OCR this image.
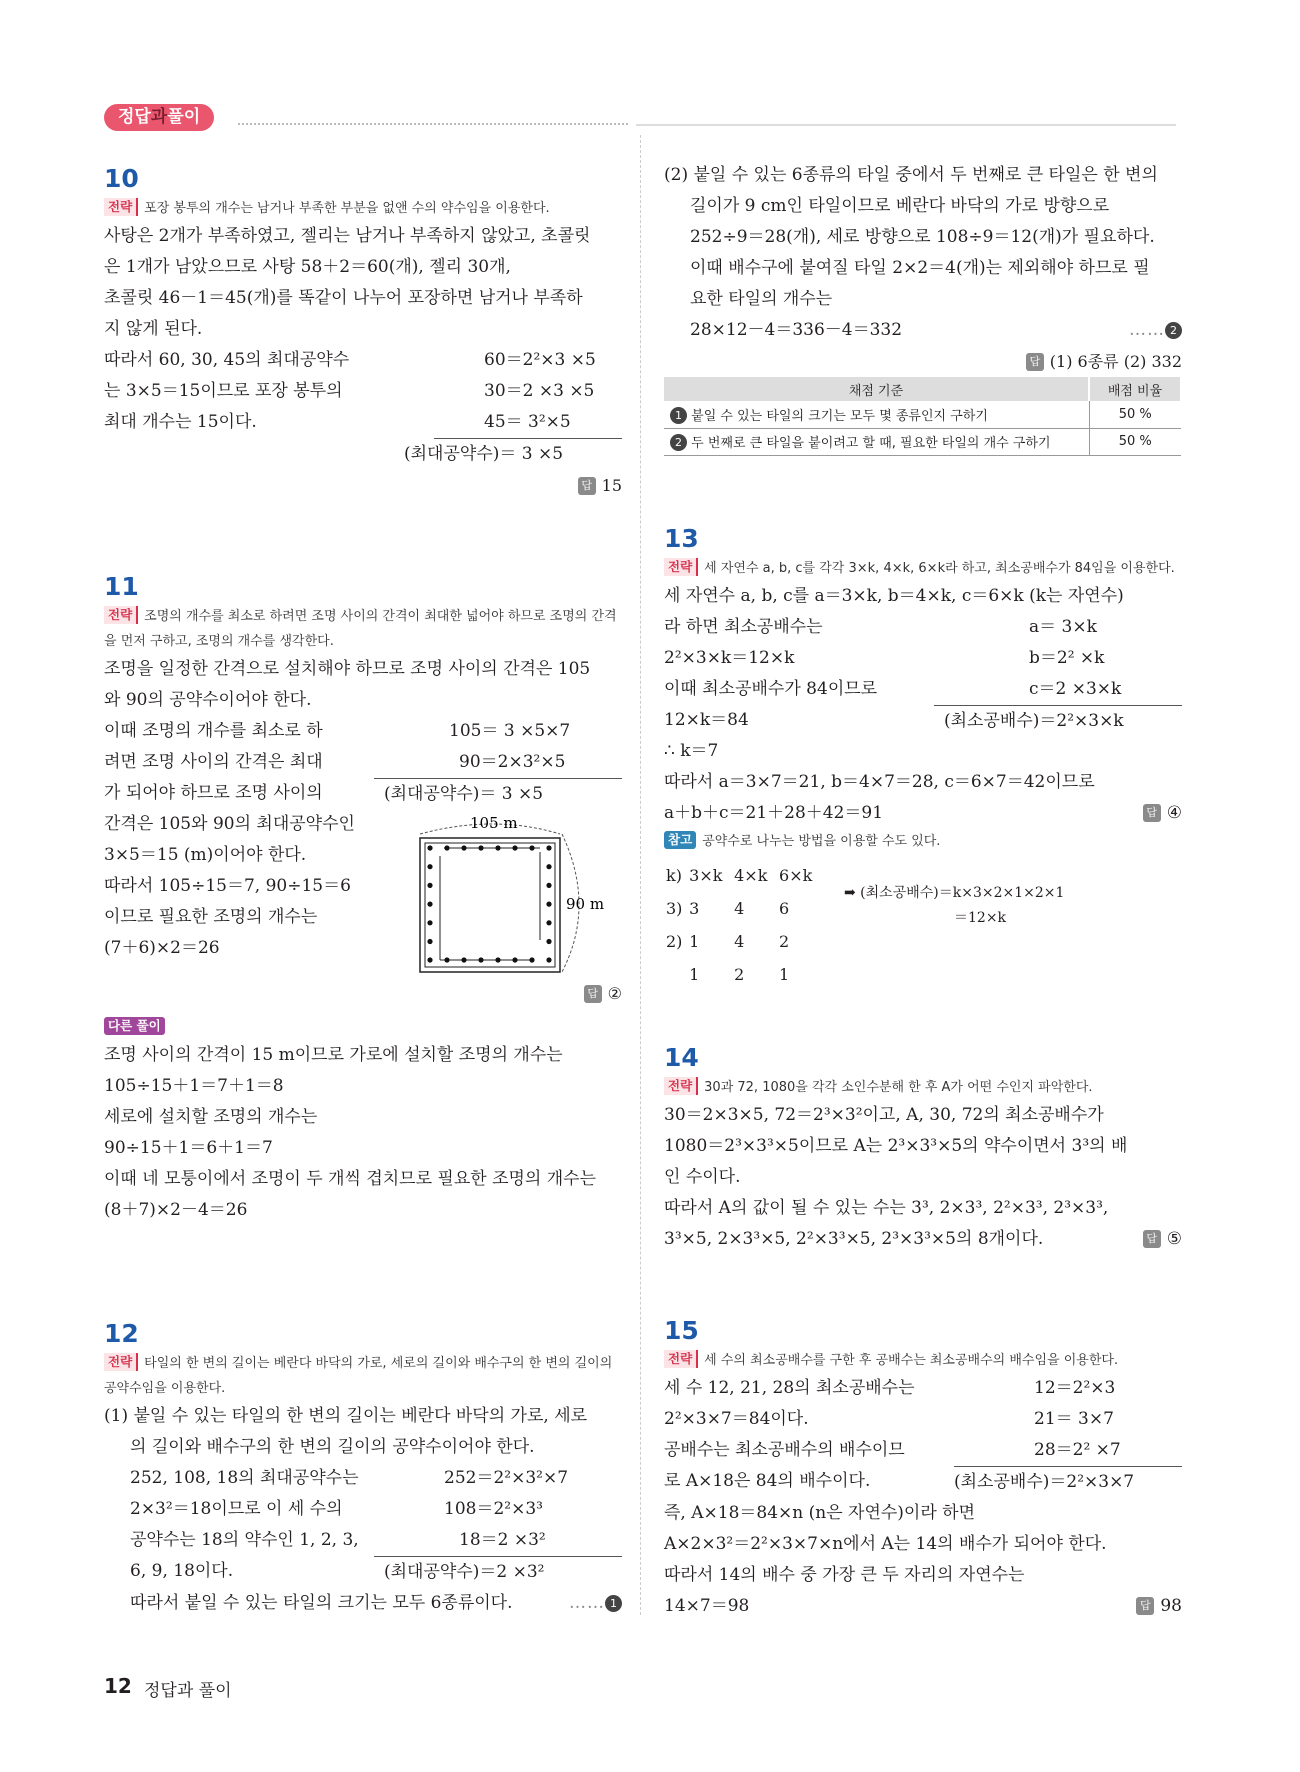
정답과풀이
10
전략 포장 봉투의 개수는 남거나 부족한 부분을 없앤 수의 약수임을 이용한다.
사탕은 2개가 부족하였고, 젤리는 남거나 부족하지 않았고, 초콜릿
은 1개가 남았으므로 사탕 58＋2＝60(개), 젤리 30개,
초콜릿 46－1＝45(개)를 똑같이 나누어 포장하면 남거나 부족하
지 않게 된다.
따라서 60, 30, 45의 최대공약수
는 3×5＝15이므로 포장 봉투의
최대 개수는 15이다.
60＝2²×3 ×5
30＝2 ×3 ×5
45＝ 3²×5
(최대공약수)＝ 3 ×5
답 15
11
전략 조명의 개수를 최소로 하려면 조명 사이의 간격이 최대한 넓어야 하므로 조명의 간격을 먼저 구하고, 조명의 개수를 생각한다.
조명을 일정한 간격으로 설치해야 하므로 조명 사이의 간격은 105
와 90의 공약수이어야 한다.
이때 조명의 개수를 최소로 하
려면 조명 사이의 간격은 최대
가 되어야 하므로 조명 사이의
간격은 105와 90의 최대공약수인
3×5＝15 (m)이어야 한다.
따라서 105÷15＝7, 90÷15＝6
이므로 필요한 조명의 개수는
(7＋6)×2＝26
105＝ 3 ×5×7
90＝2×3²×5
(최대공약수)＝ 3 ×5
105 m
90 m
답 ②
다른 풀이
조명 사이의 간격이 15 m이므로 가로에 설치할 조명의 개수는
105÷15＋1＝7＋1＝8
세로에 설치할 조명의 개수는
90÷15＋1＝6＋1＝7
이때 네 모퉁이에서 조명이 두 개씩 겹치므로 필요한 조명의 개수는
(8＋7)×2－4＝26
12
전략 타일의 한 변의 길이는 베란다 바닥의 가로, 세로의 길이와 배수구의 한 변의 길이의 공약수임을 이용한다.
(1) 붙일 수 있는 타일의 한 변의 길이는 베란다 바닥의 가로, 세로
의 길이와 배수구의 한 변의 길이의 공약수이어야 한다.
252, 108, 18의 최대공약수는
2×3²＝18이므로 이 세 수의
공약수는 18의 약수인 1, 2, 3,
6, 9, 18이다.
252＝2²×3²×7
108＝2²×3³
18＝2 ×3²
(최대공약수)＝2 ×3²
따라서 붙일 수 있는 타일의 크기는 모두 6종류이다.	…… 1
(2) 붙일 수 있는 6종류의 타일 중에서 두 번째로 큰 타일은 한 변의
길이가 9 cm인 타일이므로 베란다 바닥의 가로 방향으로
252÷9＝28(개), 세로 방향으로 108÷9＝12(개)가 필요하다.
이때 배수구에 붙여질 타일 2×2＝4(개)는 제외해야 하므로 필
요한 타일의 개수는
28×12－4＝336－4＝332	…… 2
답 (1) 6종류 (2) 332
채점 기준	배점 비율
1 붙일 수 있는 타일의 크기는 모두 몇 종류인지 구하기	50 %
2 두 번째로 큰 타일을 붙이려고 할 때, 필요한 타일의 개수 구하기	50 %
13
전략 세 자연수 a, b, c를 각각 3×k, 4×k, 6×k라 하고, 최소공배수가 84임을 이용한다.
세 자연수 a, b, c를 a＝3×k, b＝4×k, c＝6×k (k는 자연수)
라 하면 최소공배수는
2²×3×k＝12×k
이때 최소공배수가 84이므로
12×k＝84
∴ k＝7
a＝ 3×k
b＝2² ×k
c＝2 ×3×k
(최소공배수)＝2²×3×k
따라서 a＝3×7＝21, b＝4×7＝28, c＝6×7＝42이므로
a＋b＋c＝21＋28＋42＝91	답 ④
참고 공약수로 나누는 방법을 이용할 수도 있다.
k)	3×k	4×k	6×k
3)	3	4	6
2)	1	4	2
	1	2	1
➡ (최소공배수)＝k×3×2×1×2×1
＝12×k
14
전략 30과 72, 1080을 각각 소인수분해 한 후 A가 어떤 수인지 파악한다.
30＝2×3×5, 72＝2³×3²이고, A, 30, 72의 최소공배수가
1080＝2³×3³×5이므로 A는 2³×3³×5의 약수이면서 3³의 배
인 수이다.
따라서 A의 값이 될 수 있는 수는 3³, 2×3³, 2²×3³, 2³×3³,
3³×5, 2×3³×5, 2²×3³×5, 2³×3³×5의 8개이다.	답 ⑤
15
전략 세 수의 최소공배수를 구한 후 공배수는 최소공배수의 배수임을 이용한다.
세 수 12, 21, 28의 최소공배수는
2²×3×7＝84이다.
공배수는 최소공배수의 배수이므
로 A×18은 84의 배수이다.
12＝2²×3
21＝ 3×7
28＝2² ×7
(최소공배수)＝2²×3×7
즉, A×18＝84×n (n은 자연수)이라 하면
A×2×3²＝2²×3×7×n에서 A는 14의 배수가 되어야 한다.
따라서 14의 배수 중 가장 큰 두 자리의 자연수는
14×7＝98	답 98
12 정답과 풀이
